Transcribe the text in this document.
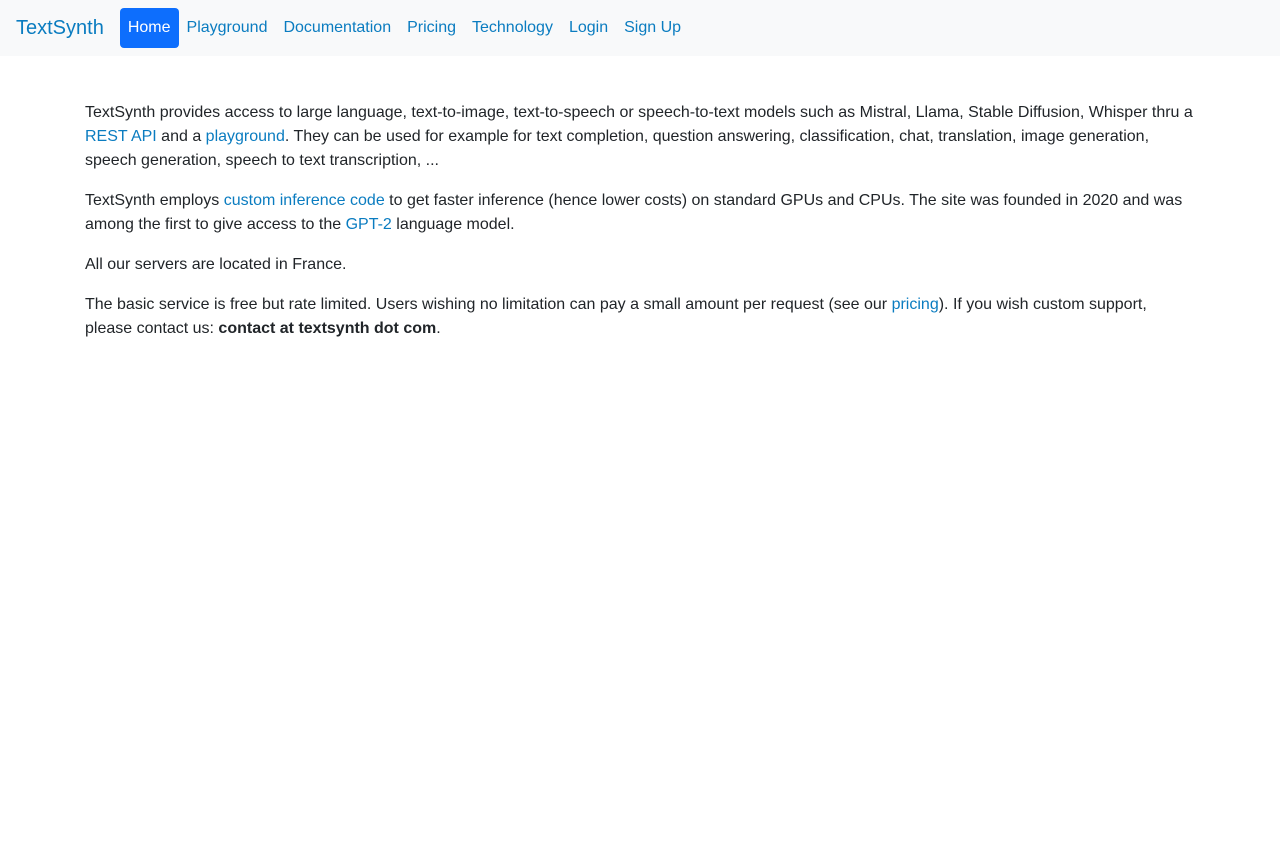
TextSynth	Home	Playground	Documentation	Pricing	Technology	Login	Sign Up

TextSynth provides access to large language, text-to-image, text-to-speech or speech-to-text models such as Mistral, Llama, Stable Diffusion, Whisper thru a REST API and a playground. They can be used for example for text completion, question answering, classification, chat, translation, image generation, speech generation, speech to text transcription, ...

TextSynth employs custom inference code to get faster inference (hence lower costs) on standard GPUs and CPUs. The site was founded in 2020 and was among the first to give access to the GPT-2 language model.

All our servers are located in France.

The basic service is free but rate limited. Users wishing no limitation can pay a small amount per request (see our pricing). If you wish custom support, please contact us: contact at textsynth dot com.
